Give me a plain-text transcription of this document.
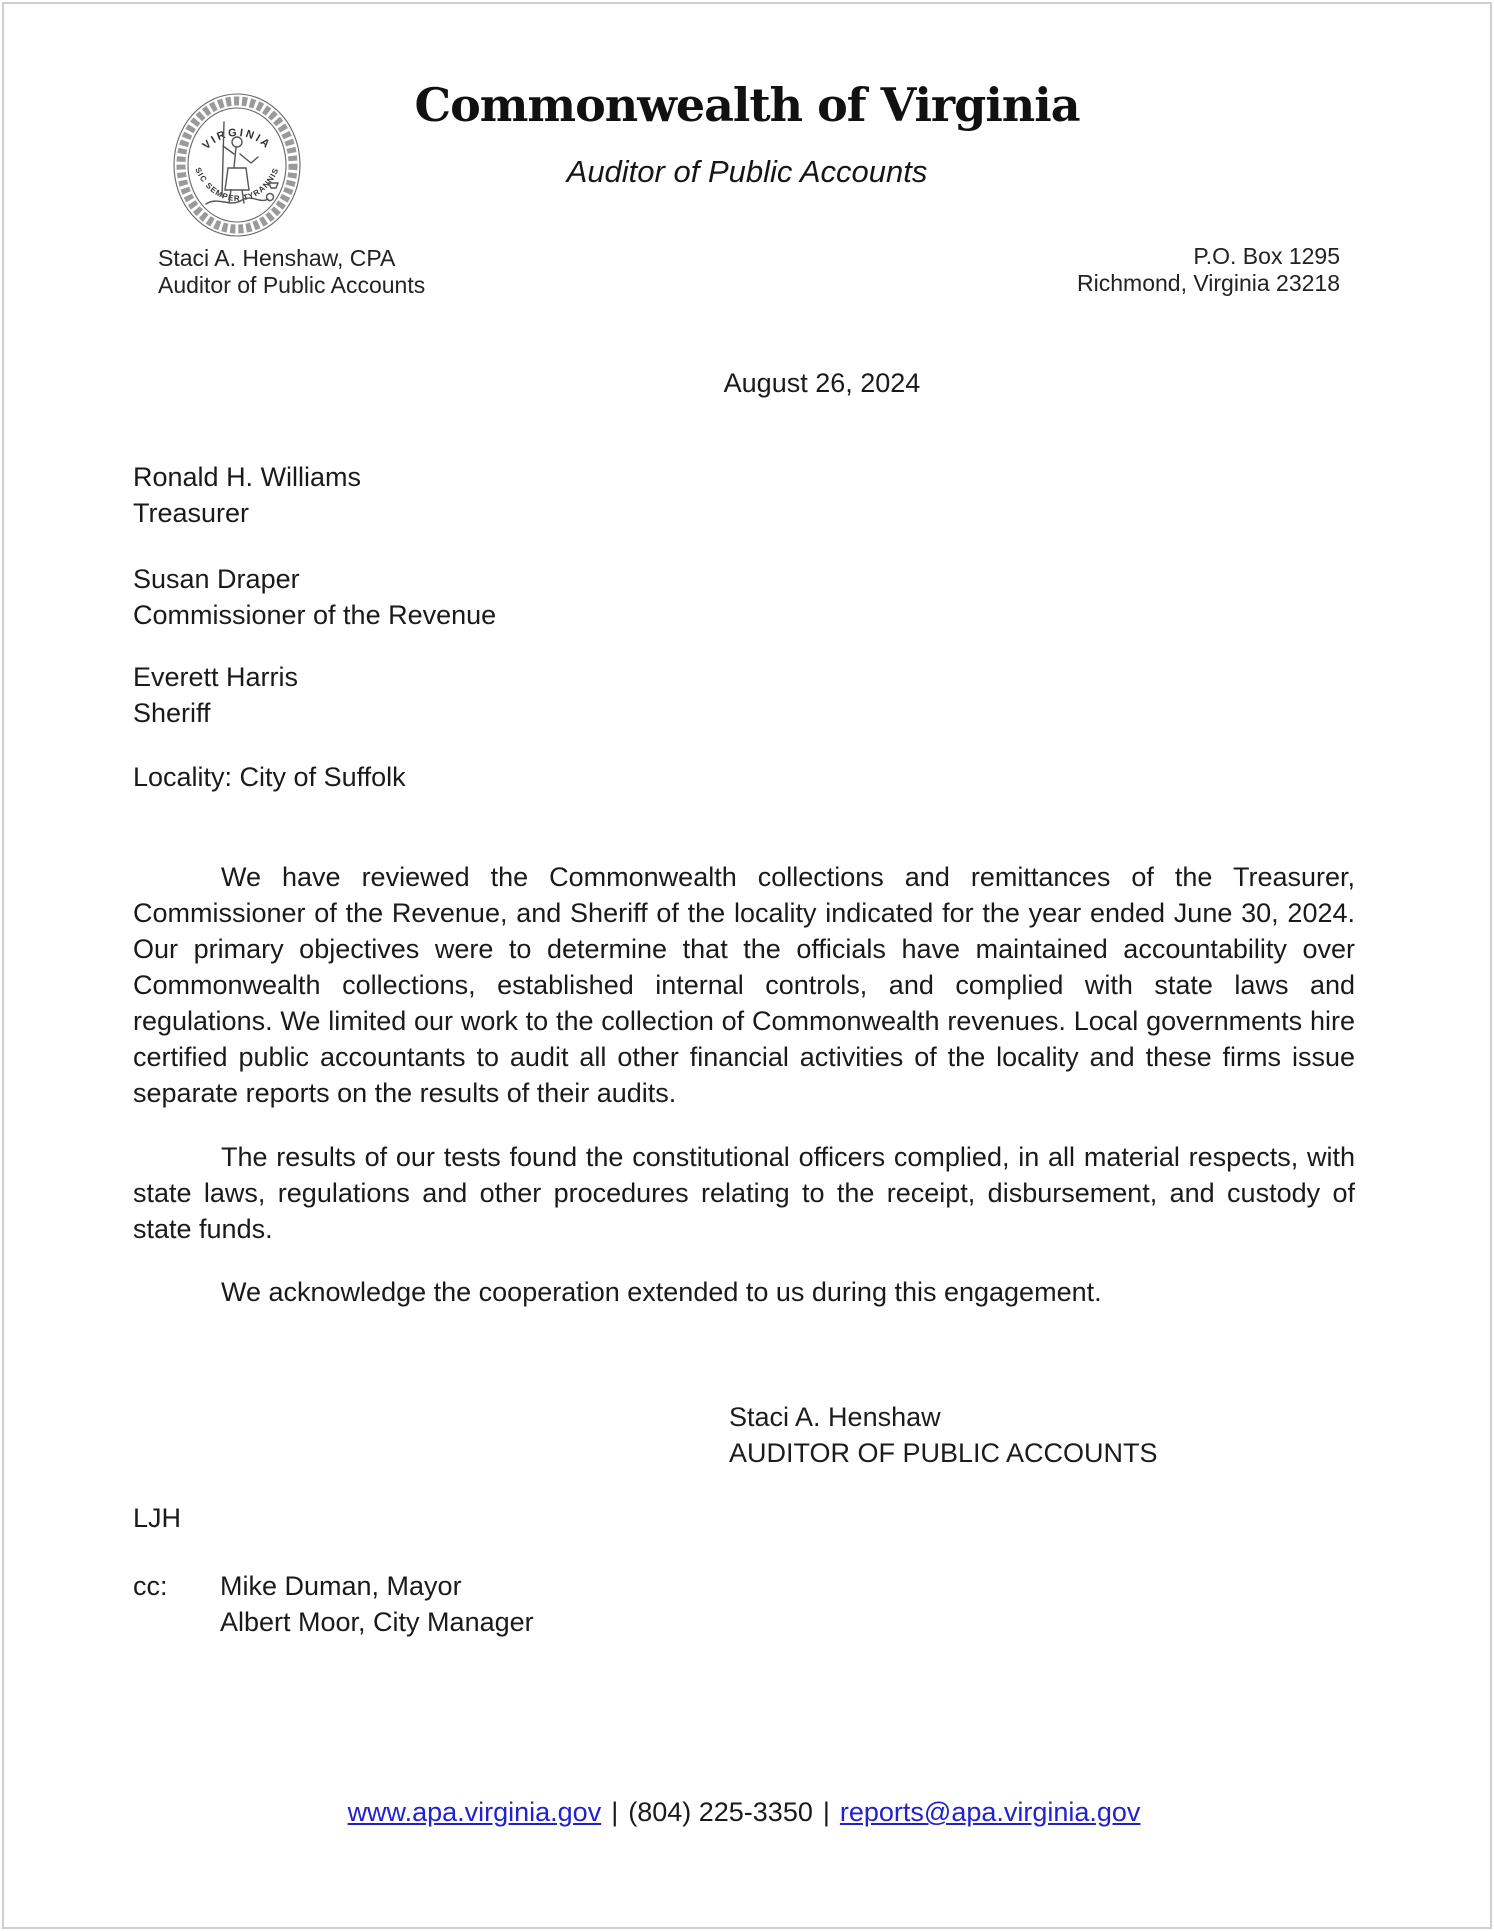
VIRGINIA
SIC SEMPER TYRANNIS
Commonwealth of Virginia
Auditor of Public Accounts
Staci A. Henshaw, CPA
Auditor of Public Accounts
P.O. Box 1295
Richmond, Virginia 23218
August 26, 2024
Ronald H. Williams
Treasurer
Susan Draper
Commissioner of the Revenue
Everett Harris
Sheriff
Locality: City of Suffolk
We have reviewed the Commonwealth collections and remittances of the Treasurer, Commissioner of the Revenue, and Sheriff of the locality indicated for the year ended June 30, 2024. Our primary objectives were to determine that the officials have maintained accountability over Commonwealth collections, established internal controls, and complied with state laws and regulations. We limited our work to the collection of Commonwealth revenues. Local governments hire certified public accountants to audit all other financial activities of the locality and these firms issue separate reports on the results of their audits.
The results of our tests found the constitutional officers complied, in all material respects, with state laws, regulations and other procedures relating to the receipt, disbursement, and custody of state funds.
We acknowledge the cooperation extended to us during this engagement.
Staci A. Henshaw
AUDITOR OF PUBLIC ACCOUNTS
LJH
cc:	Mike Duman, Mayor
Albert Moor, City Manager
www.apa.virginia.gov | (804) 225-3350 | reports@apa.virginia.gov
